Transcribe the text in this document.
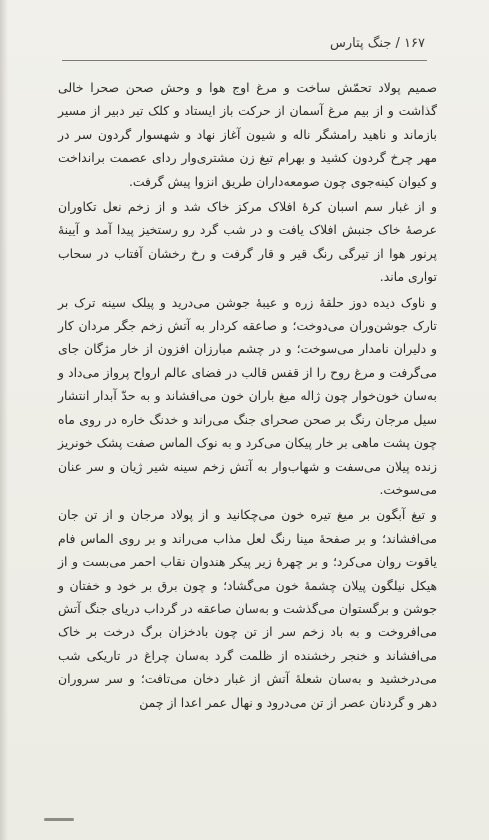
۱۶۷ / جنگ پتارس

صمیم پولاد تحمّش ساخت و مرغ اوج هوا و وحش صحن صحرا خالی گذاشت و از بیم مرغ آسمان از حرکت باز ایستاد و کلک تیر دبیر از مسیر بازماند و ناهید رامشگر ناله و شیون آغاز نهاد و شهسوار گردون سر در مهر چرخ گردون کشید و بهرام تیغ زن مشتری‌وار ردای عصمت برانداخت و کیوان کینه‌جوی چون صومعه‌داران طریق انزوا پیش گرفت.

و از غبار سم اسبان کرهٔ افلاک مرکز خاک شد و از زخم نعل تکاوران عرصهٔ خاک جنبش افلاک یافت و در شب گرد رو رستخیز پیدا آمد و آیینهٔ پرنور هوا از تیرگی رنگ قیر و قار گرفت و رخ رخشان آفتاب در سحاب تواری ماند.

و ناوک دیده دوز حلقهٔ زره و عیبهٔ جوشن می‌درید و پیلک سینه ترک بر تارک جوشن‌وران می‌دوخت؛ و صاعقه کردار به آتش زخم جگر مردان کار و دلیران نامدار می‌سوخت؛ و در چشم مبارزان افزون از خار مژگان جای می‌گرفت و مرغ روح را از قفس قالب در فضای عالم ارواح پرواز می‌داد و به‌سان خون‌خوار چون ژاله میغ باران خون می‌افشاند و به حدّ آبدار انتشار سیل مرجان رنگ بر صحن صحرای جنگ می‌راند و خدنگ خاره در روی ماه چون پشت ماهی بر خار پیکان می‌کرد و به نوک الماس صفت پشک خونریز زنده پیلان می‌سفت و شهاب‌وار به آتش زخم سینه شیر ژیان و سر عنان می‌سوخت.

و تیغ آبگون بر میغ تیره خون می‌چکانید و از پولاد مرجان و از تن جان می‌افشاند؛ و بر صفحهٔ مینا رنگ لعل مذاب می‌راند و بر روی الماس فام یاقوت روان می‌کرد؛ و بر چهرهٔ زیر پیکر هندوان نقاب احمر می‌بست و از هیکل نیلگون پیلان چشمهٔ خون می‌گشاد؛ و چون برق بر خود و خفتان و جوشن و برگستوان می‌گذشت و به‌سان صاعقه در گرداب دریای جنگ آتش می‌افروخت و به باد زخم سر از تن چون بادخزان برگ درخت بر خاک می‌افشاند و خنجر رخشنده از ظلمت گرد به‌سان چراغ در تاریکی شب می‌درخشید و به‌سان شعلهٔ آتش از غبار دخان می‌تافت؛ و سر سروران دهر و گردنان عصر از تن می‌درود و نهال عمر اعدا از چمن
